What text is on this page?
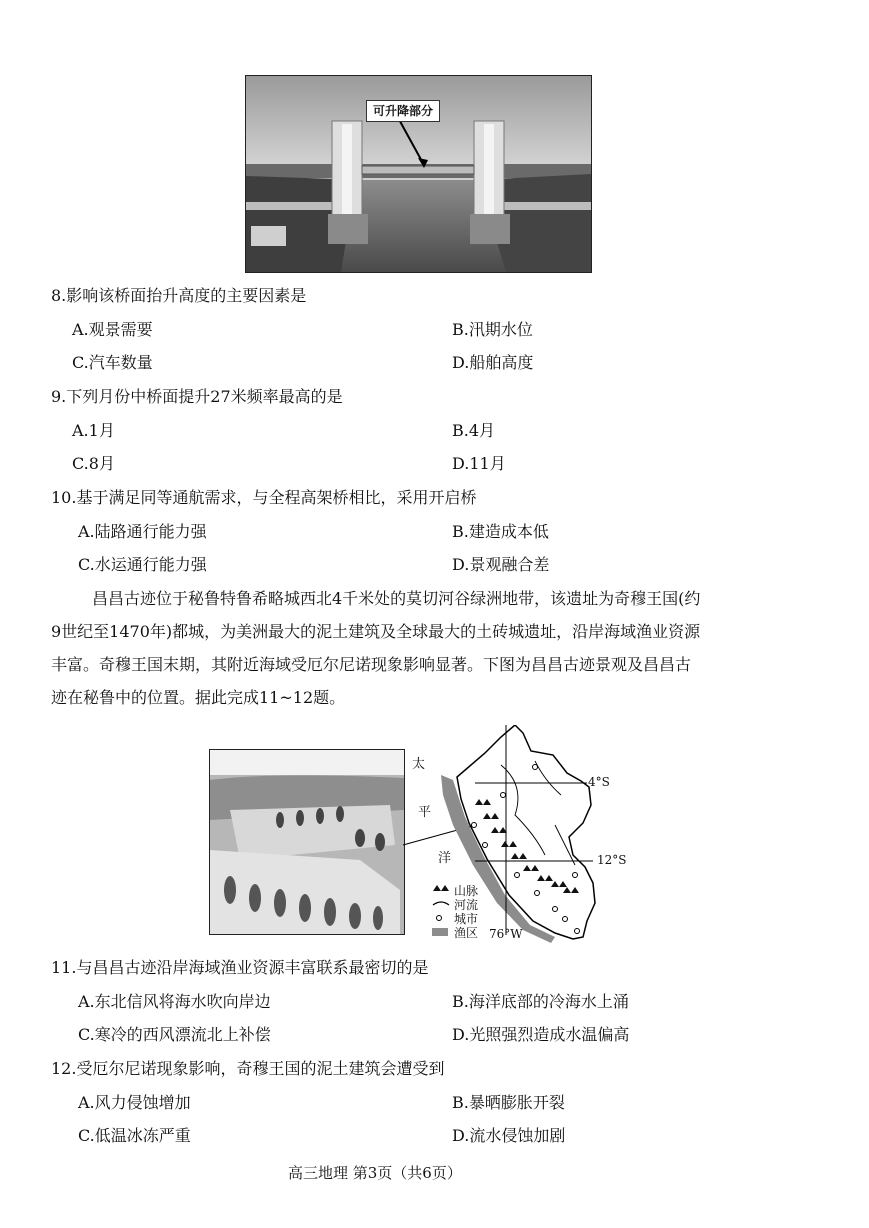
可升降部分
8.影响该桥面抬升高度的主要因素是
A.观景需要	B.汛期水位
C.汽车数量	D.船舶高度
9.下列月份中桥面提升27米频率最高的是
A.1月	B.4月
C.8月	D.11月
10.基于满足同等通航需求，与全程高架桥相比，采用开启桥
A.陆路通行能力强	B.建造成本低
C.水运通行能力强	D.景观融合差
昌昌古迹位于秘鲁特鲁希略城西北4千米处的莫切河谷绿洲地带，该遗址为奇穆王国(约
9世纪至1470年)都城，为美洲最大的泥土建筑及全球最大的土砖城遗址，沿岸海域渔业资源
丰富。奇穆王国末期，其附近海域受厄尔尼诺现象影响显著。下图为昌昌古迹景观及昌昌古
迹在秘鲁中的位置。据此完成11~12题。
太
平
洋
4°S
12°S
76°W
山脉
河流
城市
渔区
11.与昌昌古迹沿岸海域渔业资源丰富联系最密切的是
A.东北信风将海水吹向岸边	B.海洋底部的冷海水上涌
C.寒冷的西风漂流北上补偿	D.光照强烈造成水温偏高
12.受厄尔尼诺现象影响，奇穆王国的泥土建筑会遭受到
A.风力侵蚀增加	B.暴晒膨胀开裂
C.低温冰冻严重	D.流水侵蚀加剧
高三地理 第3页（共6页）
